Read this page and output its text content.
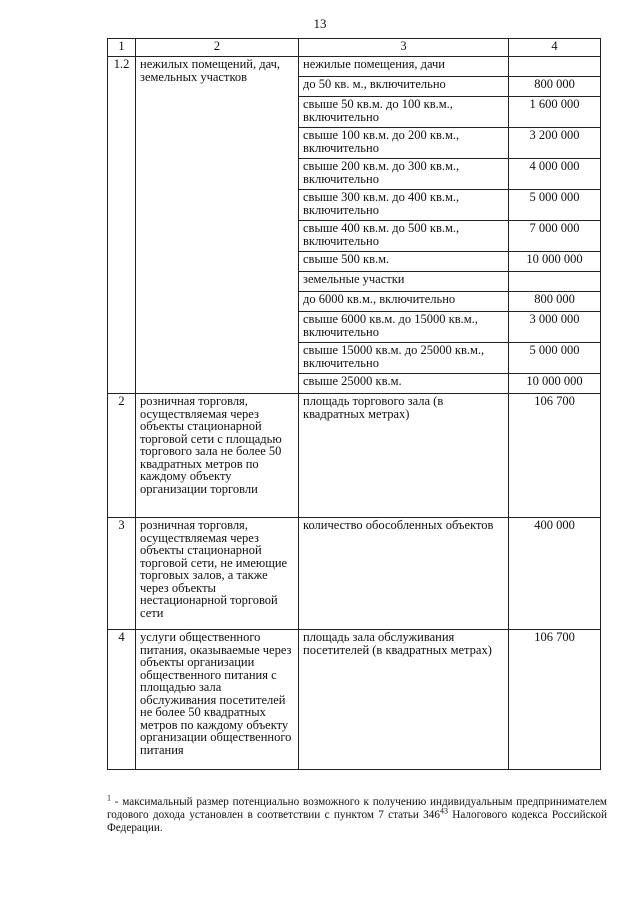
13
1	2	3	4
1.2	нежилых помещений, дач, земельных участков	нежилые помещения, дачи	
		до 50 кв. м., включительно	800 000
		свыше 50 кв.м. до 100 кв.м., включительно	1 600 000
		свыше 100 кв.м. до 200 кв.м., включительно	3 200 000
		свыше 200 кв.м. до 300 кв.м., включительно	4 000 000
		свыше 300 кв.м. до 400 кв.м., включительно	5 000 000
		свыше 400 кв.м. до 500 кв.м., включительно	7 000 000
		свыше 500 кв.м.	10 000 000
		земельные участки	
		до 6000 кв.м., включительно	800 000
		свыше 6000 кв.м. до 15000 кв.м., включительно	3 000 000
		свыше 15000 кв.м. до 25000 кв.м., включительно	5 000 000
		свыше 25000 кв.м.	10 000 000
2	розничная торговля, осуществляемая через объекты стационарной торговой сети с площадью торгового зала не более 50 квадратных метров по каждому объекту организации торговли	площадь торгового зала (в квадратных метрах)	106 700
3	розничная торговля, осуществляемая через объекты стационарной торговой сети, не имеющие торговых залов, а также через объекты нестационарной торговой сети	количество обособленных объектов	400 000
4	услуги общественного питания, оказываемые через объекты организации общественного питания с площадью зала обслуживания посетителей не более 50 квадратных метров по каждому объекту организации общественного питания	площадь зала обслуживания посетителей (в квадратных метрах)	106 700
$^1$ - максимальный размер потенциально возможного к получению индивидуальным предпринимателем годового дохода установлен в соответствии с пунктом 7 статьи $346^{43}$ Налогового кодекса Российской Федерации.
